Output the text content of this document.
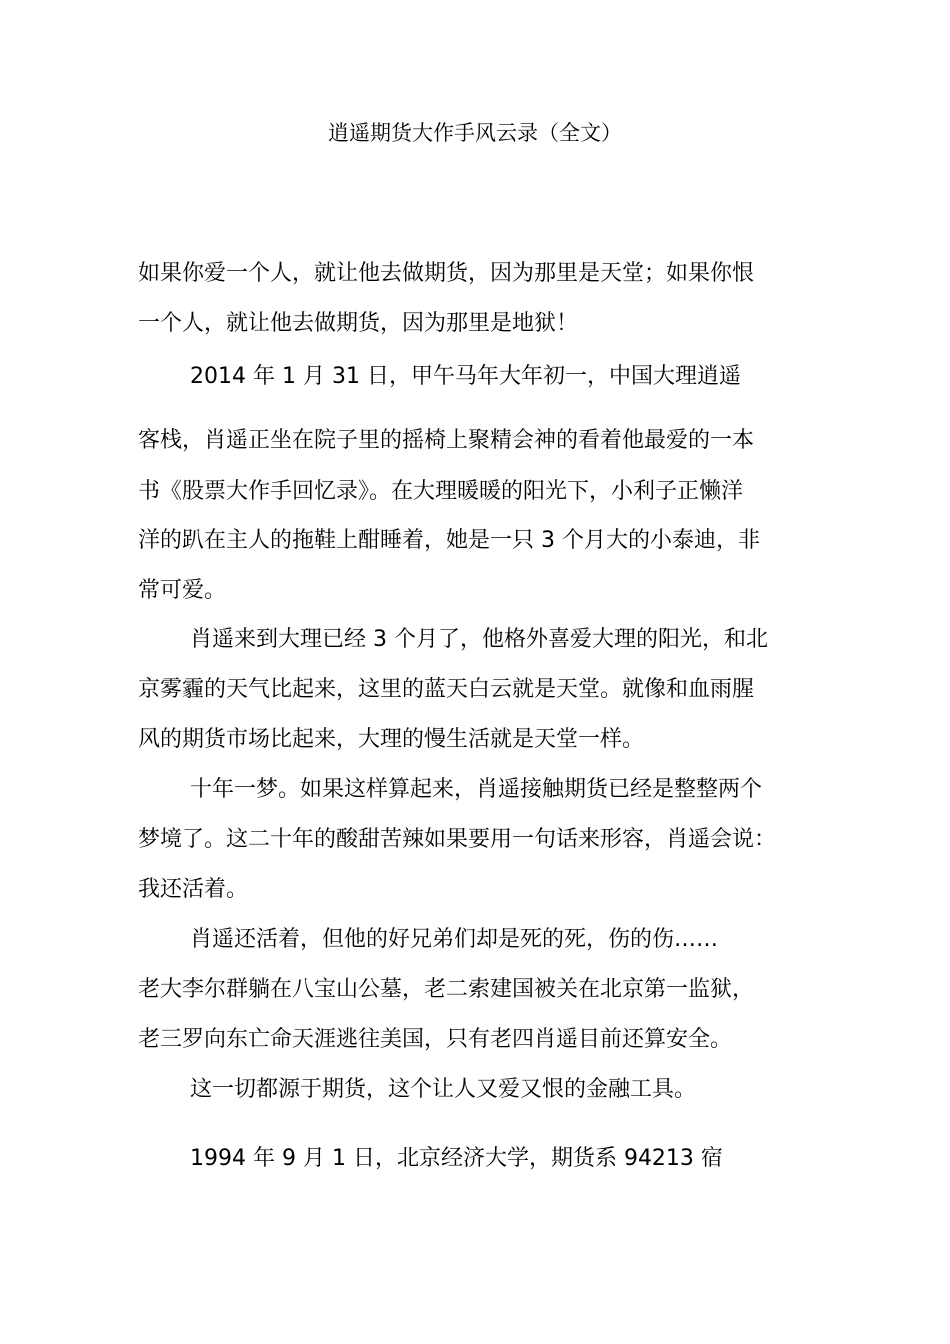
逍遥期货大作手风云录（全文）
如果你爱一个人，就让他去做期货，因为那里是天堂；如果你恨
一个人，就让他去做期货，因为那里是地狱！
2014 年 1 月 31 日，甲午马年大年初一，中国大理逍遥
客栈，肖遥正坐在院子里的摇椅上聚精会神的看着他最爱的一本
书《股票大作手回忆录》。在大理暖暖的阳光下，小利子正懒洋
洋的趴在主人的拖鞋上酣睡着，她是一只 3 个月大的小泰迪，非
常可爱。
肖遥来到大理已经 3 个月了，他格外喜爱大理的阳光，和北
京雾霾的天气比起来，这里的蓝天白云就是天堂。就像和血雨腥
风的期货市场比起来，大理的慢生活就是天堂一样。
十年一梦。如果这样算起来，肖遥接触期货已经是整整两个
梦境了。这二十年的酸甜苦辣如果要用一句话来形容，肖遥会说：
我还活着。
肖遥还活着，但他的好兄弟们却是死的死，伤的伤……
老大李尔群躺在八宝山公墓，老二索建国被关在北京第一监狱，
老三罗向东亡命天涯逃往美国，只有老四肖遥目前还算安全。
这一切都源于期货，这个让人又爱又恨的金融工具。
1994 年 9 月 1 日，北京经济大学，期货系 94213 宿
